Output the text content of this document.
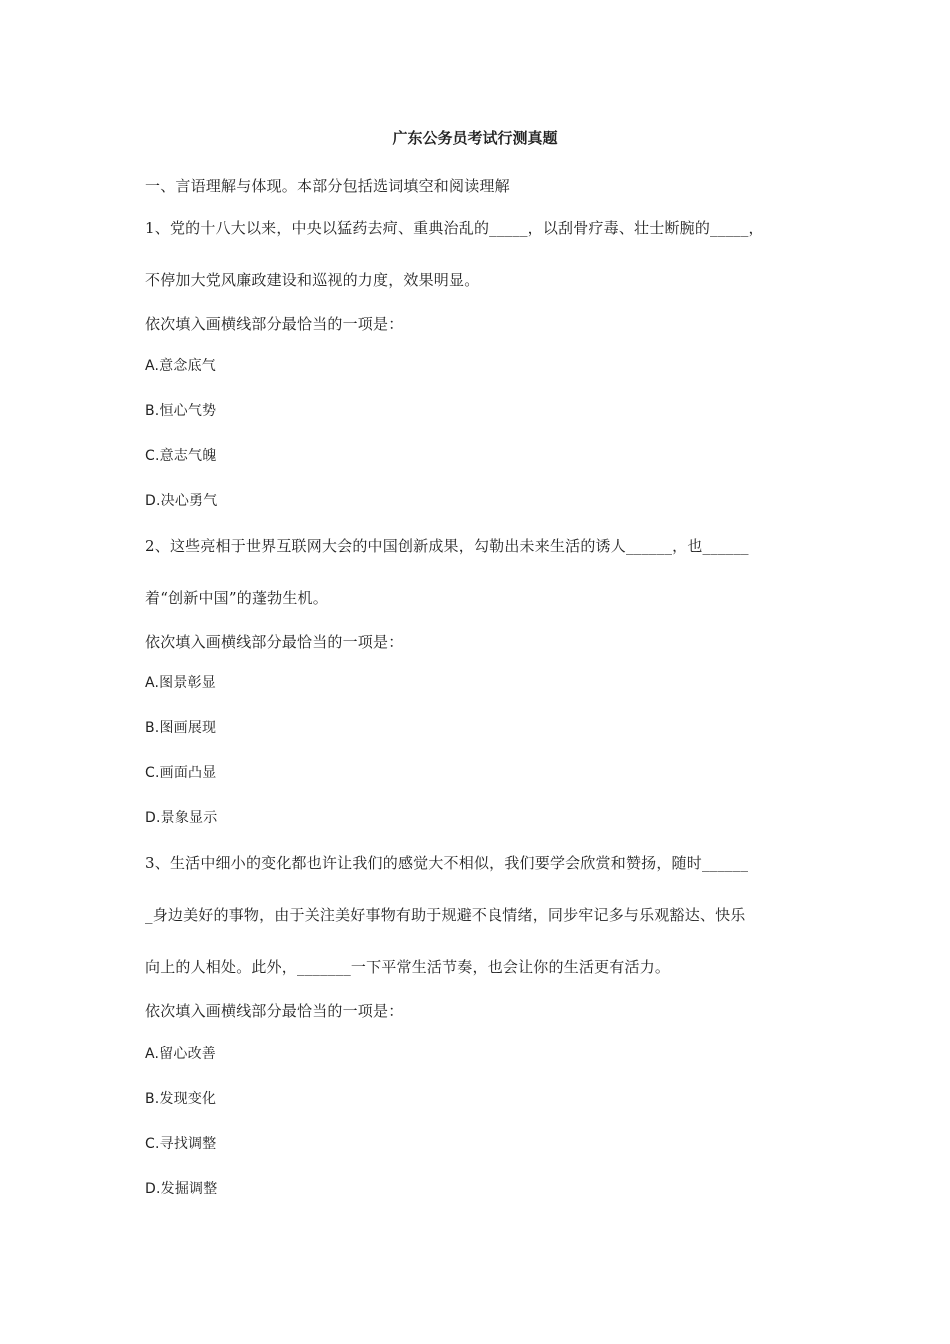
广东公务员考试行测真题
一、言语理解与体现。本部分包括选词填空和阅读理解
1、党的十八大以来，中央以猛药去疴、重典治乱的_____，以刮骨疗毒、壮士断腕的_____，
不停加大党风廉政建设和巡视的力度，效果明显。
依次填入画横线部分最恰当的一项是：
A.意念底气
B.恒心气势
C.意志气魄
D.决心勇气
2、这些亮相于世界互联网大会的中国创新成果，勾勒出未来生活的诱人______，也______
着“创新中国”的蓬勃生机。
依次填入画横线部分最恰当的一项是：
A.图景彰显
B.图画展现
C.画面凸显
D.景象显示
3、生活中细小的变化都也许让我们的感觉大不相似，我们要学会欣赏和赞扬，随时______
_身边美好的事物，由于关注美好事物有助于规避不良情绪，同步牢记多与乐观豁达、快乐
向上的人相处。此外，_______一下平常生活节奏，也会让你的生活更有活力。
依次填入画横线部分最恰当的一项是：
A.留心改善
B.发现变化
C.寻找调整
D.发掘调整
